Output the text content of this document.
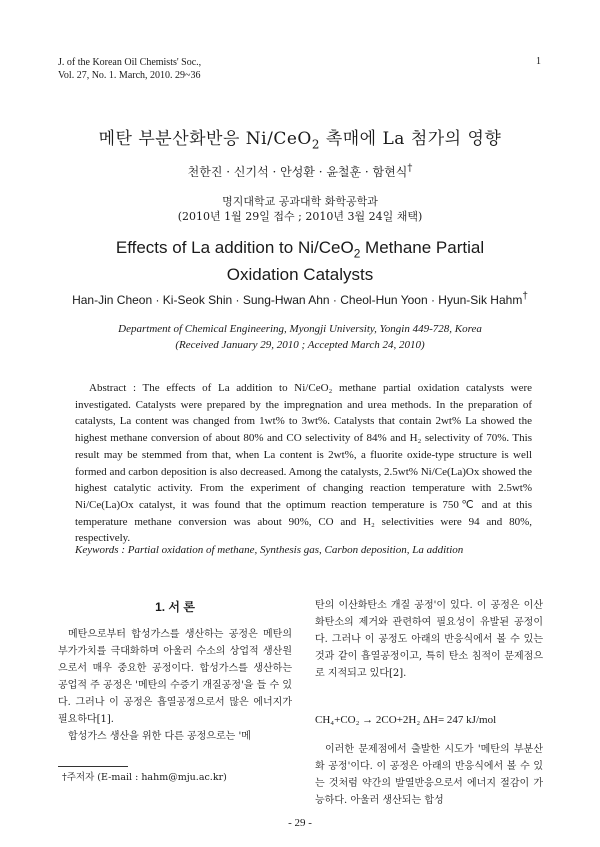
J. of the Korean Oil Chemists' Soc.,
Vol. 27, No. 1. March, 2010. 29~36
1
메탄 부분산화반응 Ni/CeO$_2$ 촉매에 La 첨가의 영향
천한진 · 신기석 · 안성환 · 윤철훈 · 함현식†
명지대학교 공과대학 화학공학과
(2010년 1월 29일 접수 ; 2010년 3월 24일 채택)
Effects of La addition to Ni/CeO$_2$ Methane Partial
Oxidation Catalysts
Han-Jin Cheon · Ki-Seok Shin · Sung-Hwan Ahn · Cheol-Hun Yoon · Hyun-Sik Hahm†
Department of Chemical Engineering, Myongji University, Yongin 449-728, Korea
(Received January 29, 2010 ; Accepted March 24, 2010)
Abstract : The effects of La addition to Ni/CeO₂ methane partial oxidation catalysts were investigated. Catalysts were prepared by the impregnation and urea methods. In the preparation of catalysts, La content was changed from 1wt% to 3wt%. Catalysts that contain 2wt% La showed the highest methane conversion of about 80% and CO selectivity of 84% and H₂ selectivity of 70%. This result may be stemmed from that, when La content is 2wt%, a fluorite oxide-type structure is well formed and carbon deposition is also decreased. Among the catalysts, 2.5wt% Ni/Ce(La)Ox showed the highest catalytic activity. From the experiment of changing reaction temperature with 2.5wt% Ni/Ce(La)Ox catalyst, it was found that the optimum reaction temperature is 750℃ and at this temperature methane conversion was about 90%, CO and H₂ selectivities were 94 and 80%, respectively.
Keywords : Partial oxidation of methane, Synthesis gas, Carbon deposition, La addition
1. 서 론

메탄으로부터 합성가스를 생산하는 공정은 메탄의 부가가치를 극대화하며 아울러 수소의 상업적 생산원으로서 매우 중요한 공정이다. 합성가스를 생산하는 공업적 주 공정은 '메탄의 수증기 개질공정'을 들 수 있다. 그러나 이 공정은 흡열공정으로서 많은 에너지가 필요하다[1].

합성가스 생산을 위한 다른 공정으로는 '메

탄의 이산화탄소 개질 공정'이 있다. 이 공정은 이산화탄소의 제거와 관련하여 필요성이 유발된 공정이다. 그러나 이 공정도 아래의 반응식에서 볼 수 있는 것과 같이 흡열공정이고, 특히 탄소 침적이 문제점으로 지적되고 있다[2].

CH₄+CO₂ → 2CO+2H₂ ΔH= 247 kJ/mol

이러한 문제점에서 출발한 시도가 '메탄의 부분산화 공정'이다. 이 공정은 아래의 반응식에서 볼 수 있는 것처럼 약간의 발열반응으로서 에너지 절감이 가능하다. 아울러 생산되는 합성

†주저자 (E-mail : hahm@mju.ac.kr)
- 29 -
